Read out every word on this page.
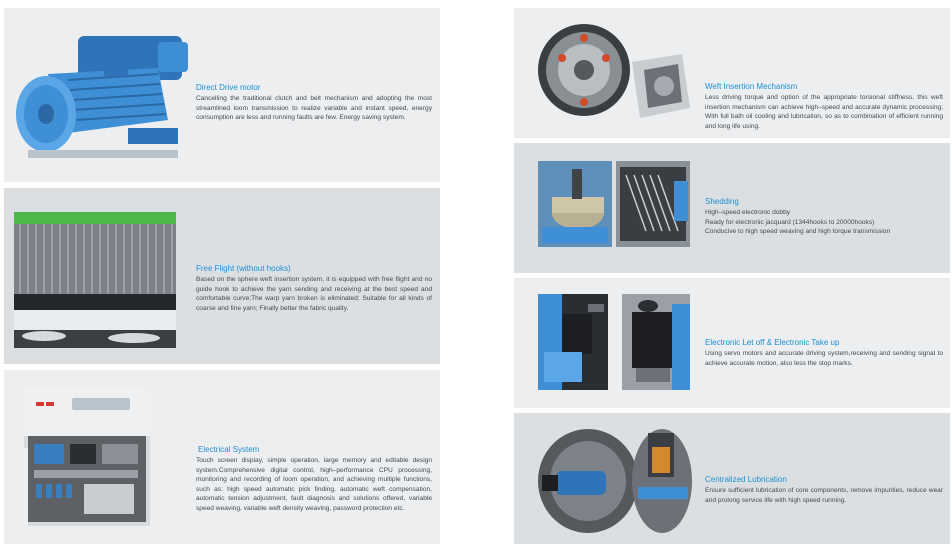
Direct Drive motor
Cancelling the traditional clutch and belt mechanism and adopting the most streamlined loom transmission to realize variable and instant speed, energy consumption are less and running faults are few. Energy saving system.
Free Flight (without hooks)
Based on the sphere weft insertion system, it is equipped with free flight and no guide hook to achieve the yarn sending and receiving at the best speed and comfortable curve;The warp yarn broken is eliminated; Suitable for all kinds of coarse and fine yarn; Finally better the fabric quality.
Electrical System
Touch screen display, simple operation, large memory and editable design system.Comprehensive digital control, high–performance CPU processing, monitoring and recording of loom operation, and achieving multiple functions, such as: high speed automatic pick finding, automatic weft compensation, automatic tension adjustment, fault diagnosis and solutions offered, variable speed weaving, variable weft density weaving, password protection etc.
Weft Insertion Mechanism
Less driving torque and option of the appropriate torsional stiffness, this weft insertion mechanism can achieve high–speed and accurate dynamic processing; With full bath oil cooling and lubrication, so as to combination of efficient running and long life using.
Shedding
High–speed electronic dobby
Ready for electronic jacquard (1344hooks to 20000hooks)
Conducive to high speed weaving and high torque transmission
Electronic Let off & Electronic Take up
Using servo motors and accurate driving system,receiving and sending signal to achieve accurate motion, also less the stop marks.
Centralized Lubrication
Ensure sufficient lubrication of core components, remove impurities, reduce wear and prolong service life with high speed running.
